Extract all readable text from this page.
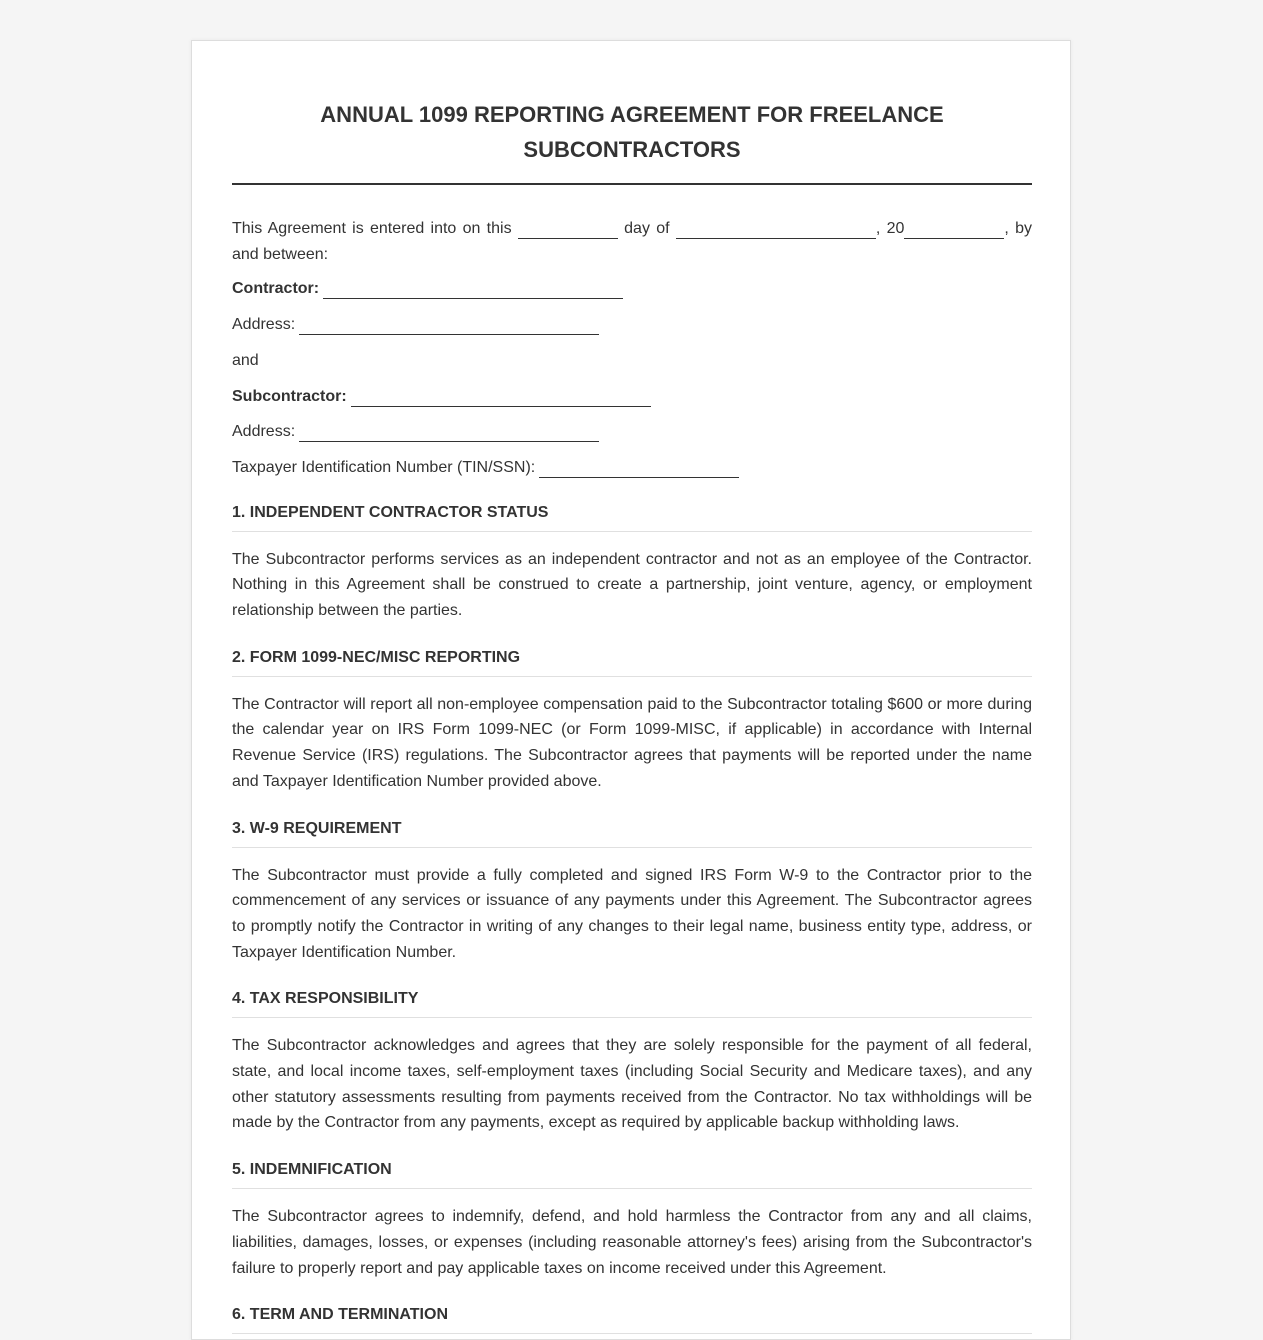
ANNUAL 1099 REPORTING AGREEMENT FOR FREELANCE
SUBCONTRACTORS

This Agreement is entered into on this	day of	, 20	, by and between:

Contractor:

Address:

and

Subcontractor:

Address:

Taxpayer Identification Number (TIN/SSN):

1. INDEPENDENT CONTRACTOR STATUS

The Subcontractor performs services as an independent contractor and not as an employee of the Contractor. Nothing in this Agreement shall be construed to create a partnership, joint venture, agency, or employment relationship between the parties.

2. FORM 1099-NEC/MISC REPORTING

The Contractor will report all non-employee compensation paid to the Subcontractor totaling $600 or more during the calendar year on IRS Form 1099-NEC (or Form 1099-MISC, if applicable) in accordance with Internal Revenue Service (IRS) regulations. The Subcontractor agrees that payments will be reported under the name and Taxpayer Identification Number provided above.

3. W-9 REQUIREMENT

The Subcontractor must provide a fully completed and signed IRS Form W-9 to the Contractor prior to the commencement of any services or issuance of any payments under this Agreement. The Subcontractor agrees to promptly notify the Contractor in writing of any changes to their legal name, business entity type, address, or Taxpayer Identification Number.

4. TAX RESPONSIBILITY

The Subcontractor acknowledges and agrees that they are solely responsible for the payment of all federal, state, and local income taxes, self-employment taxes (including Social Security and Medicare taxes), and any other statutory assessments resulting from payments received from the Contractor. No tax withholdings will be made by the Contractor from any payments, except as required by applicable backup withholding laws.

5. INDEMNIFICATION

The Subcontractor agrees to indemnify, defend, and hold harmless the Contractor from any and all claims, liabilities, damages, losses, or expenses (including reasonable attorney's fees) arising from the Subcontractor's failure to properly report and pay applicable taxes on income received under this Agreement.

6. TERM AND TERMINATION
